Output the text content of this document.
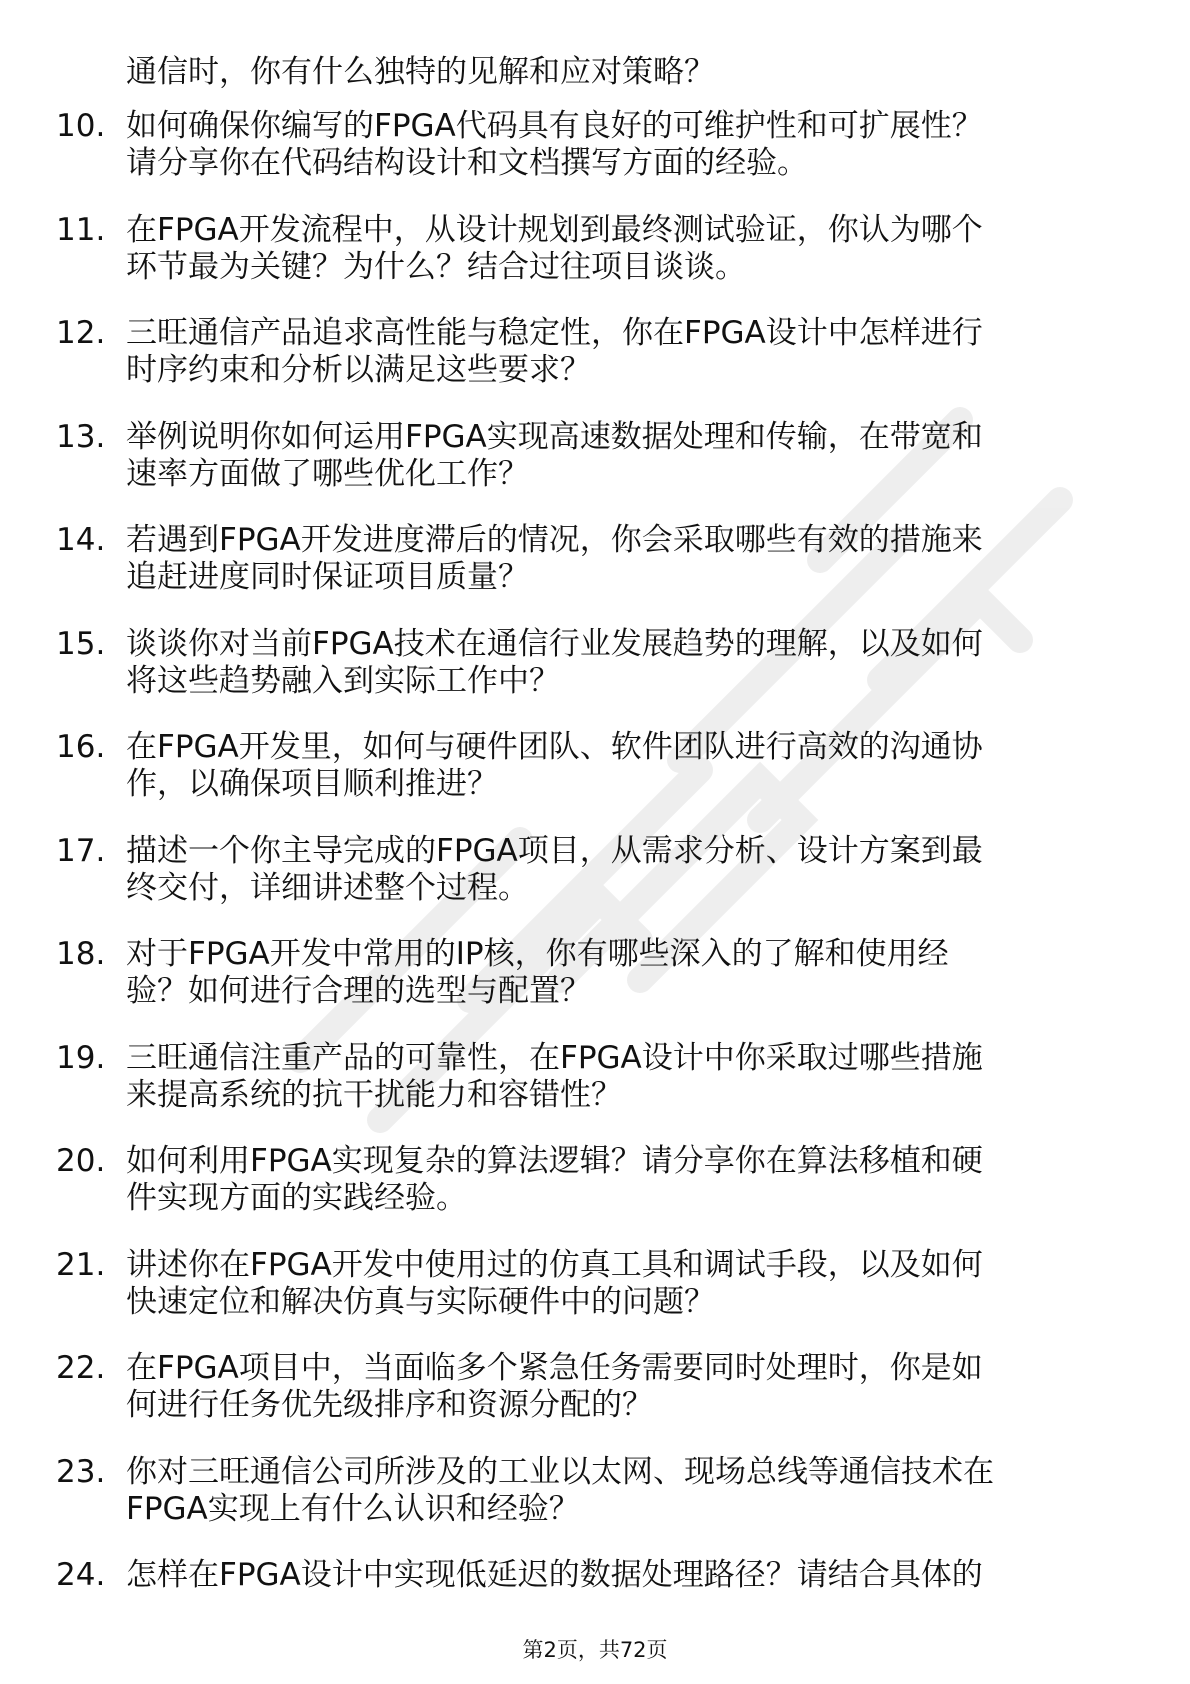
通信时，你有什么独特的见解和应对策略？
10. 如何确保你编写的FPGA代码具有良好的可维护性和可扩展性？
请分享你在代码结构设计和文档撰写方面的经验。
11. 在FPGA开发流程中，从设计规划到最终测试验证，你认为哪个
环节最为关键？为什么？结合过往项目谈谈。
12. 三旺通信产品追求高性能与稳定性，你在FPGA设计中怎样进行
时序约束和分析以满足这些要求？
13. 举例说明你如何运用FPGA实现高速数据处理和传输，在带宽和
速率方面做了哪些优化工作？
14. 若遇到FPGA开发进度滞后的情况，你会采取哪些有效的措施来
追赶进度同时保证项目质量？
15. 谈谈你对当前FPGA技术在通信行业发展趋势的理解，以及如何
将这些趋势融入到实际工作中？
16. 在FPGA开发里，如何与硬件团队、软件团队进行高效的沟通协
作，以确保项目顺利推进？
17. 描述一个你主导完成的FPGA项目，从需求分析、设计方案到最
终交付，详细讲述整个过程。
18. 对于FPGA开发中常用的IP核，你有哪些深入的了解和使用经
验？如何进行合理的选型与配置？
19. 三旺通信注重产品的可靠性，在FPGA设计中你采取过哪些措施
来提高系统的抗干扰能力和容错性？
20. 如何利用FPGA实现复杂的算法逻辑？请分享你在算法移植和硬
件实现方面的实践经验。
21. 讲述你在FPGA开发中使用过的仿真工具和调试手段，以及如何
快速定位和解决仿真与实际硬件中的问题？
22. 在FPGA项目中，当面临多个紧急任务需要同时处理时，你是如
何进行任务优先级排序和资源分配的？
23. 你对三旺通信公司所涉及的工业以太网、现场总线等通信技术在
FPGA实现上有什么认识和经验？
24. 怎样在FPGA设计中实现低延迟的数据处理路径？请结合具体的
第2页，共72页
